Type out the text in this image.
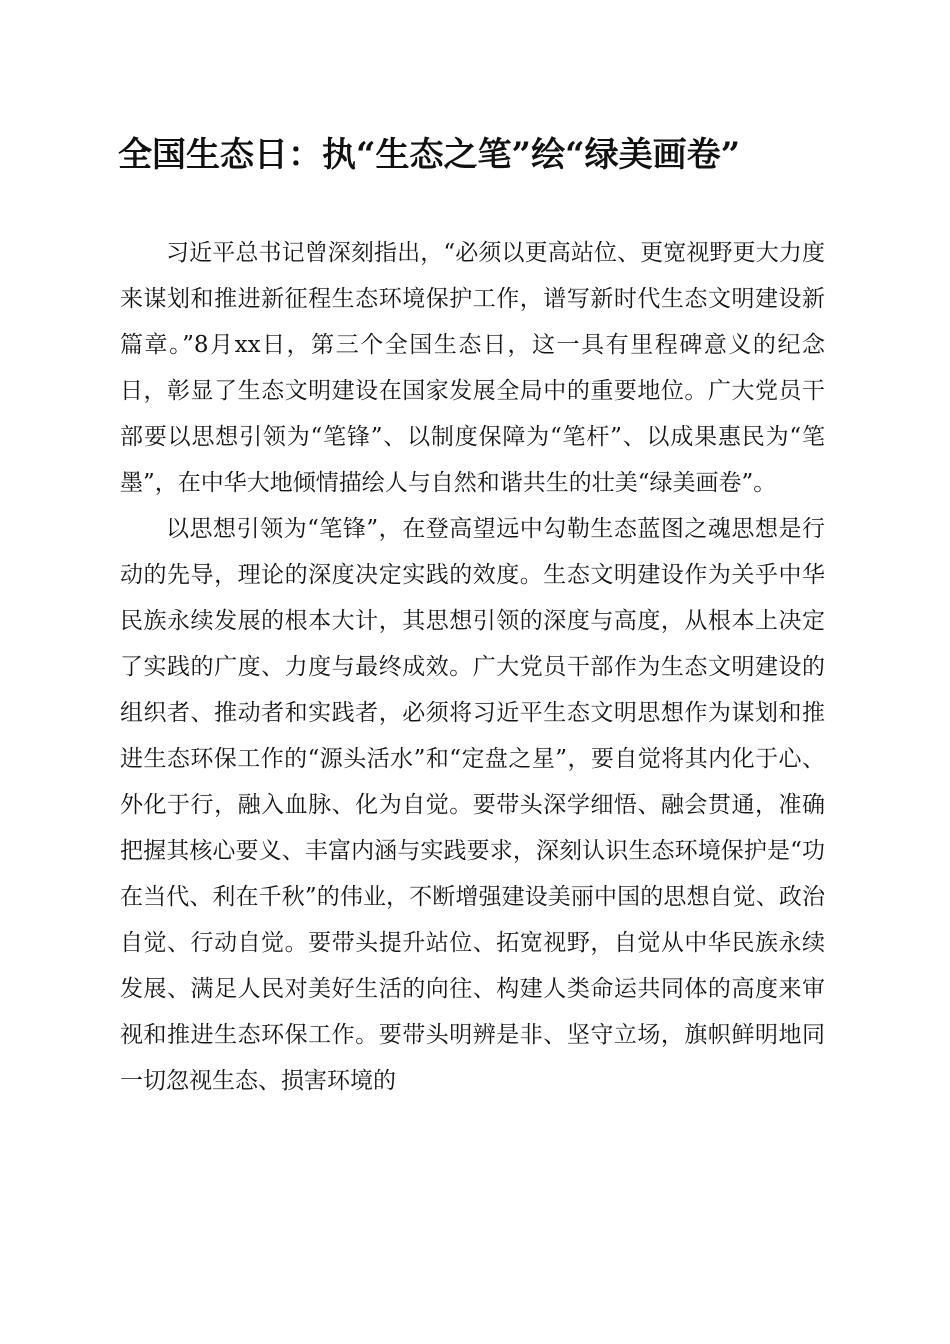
全国生态日：执“生态之笔”绘“绿美画卷”

习近平总书记曾深刻指出，“必须以更高站位、更宽视野更大力度来谋划和推进新征程生态环境保护工作，谱写新时代生态文明建设新篇章。”8月xx日，第三个全国生态日，这一具有里程碑意义的纪念日，彰显了生态文明建设在国家发展全局中的重要地位。广大党员干部要以思想引领为“笔锋”、以制度保障为“笔杆”、以成果惠民为“笔墨”，在中华大地倾情描绘人与自然和谐共生的壮美“绿美画卷”。

以思想引领为“笔锋”，在登高望远中勾勒生态蓝图之魂思想是行动的先导，理论的深度决定实践的效度。生态文明建设作为关乎中华民族永续发展的根本大计，其思想引领的深度与高度，从根本上决定了实践的广度、力度与最终成效。广大党员干部作为生态文明建设的组织者、推动者和实践者，必须将习近平生态文明思想作为谋划和推进生态环保工作的“源头活水”和“定盘之星”，要自觉将其内化于心、外化于行，融入血脉、化为自觉。要带头深学细悟、融会贯通，准确把握其核心要义、丰富内涵与实践要求，深刻认识生态环境保护是“功在当代、利在千秋”的伟业，不断增强建设美丽中国的思想自觉、政治自觉、行动自觉。要带头提升站位、拓宽视野，自觉从中华民族永续发展、满足人民对美好生活的向往、构建人类命运共同体的高度来审视和推进生态环保工作。要带头明辨是非、坚守立场，旗帜鲜明地同一切忽视生态、损害环境的
